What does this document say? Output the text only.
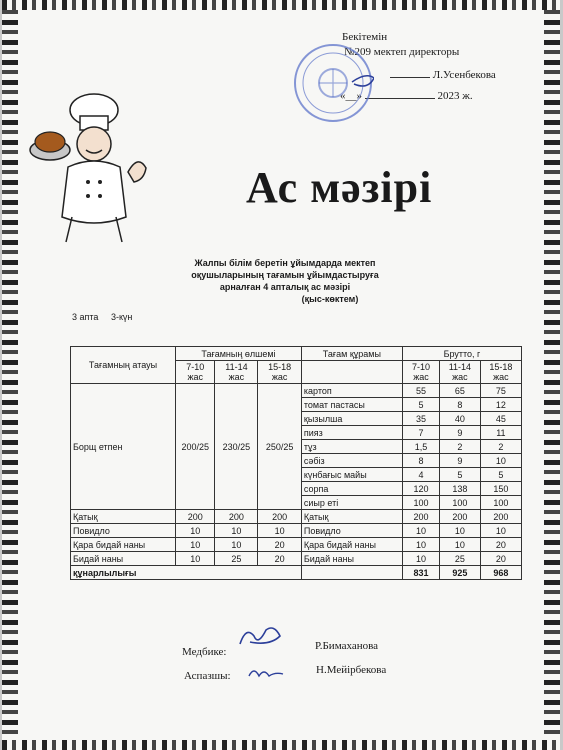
Бекітемін
№209 мектеп директоры
Л.Усенбекова
«__»	2023 ж.
Ас мәзірі
Жалпы білім беретін ұйымдарда мектеп
оқушыларының тағамын ұйымдастыруға
арналған 4 апталық ас мәзірі
(қыс-көктем)
3 апта 3-күн
Тағамның атауы	Тағамның өлшемі			Тағам құрамы	Брутто, г		
	7-10 жас	11-14 жас	15-18 жас		7-10 жас	11-14 жас	15-18 жас
Борщ етпен	200/25	230/25	250/25	картоп	55	65	75
				томат пастасы	5	8	12
				қызылша	35	40	45
				пияз	7	9	11
				тұз	1,5	2	2
				сәбіз	8	9	10
				күнбағыс майы	4	5	5
				сорпа	120	138	150
				сиыр еті	100	100	100
Қатық	200	200	200	Қатық	200	200	200
Повидло	10	10	10	Повидло	10	10	10
Қара бидай наны	10	10	20	Қара бидай наны	10	10	20
Бидай наны	10	25	20	Бидай наны	10	25	20
құнарлылығы					831	925	968
Медбике:	Р.Бимаханова
Аспазшы:	Н.Мейірбекова
